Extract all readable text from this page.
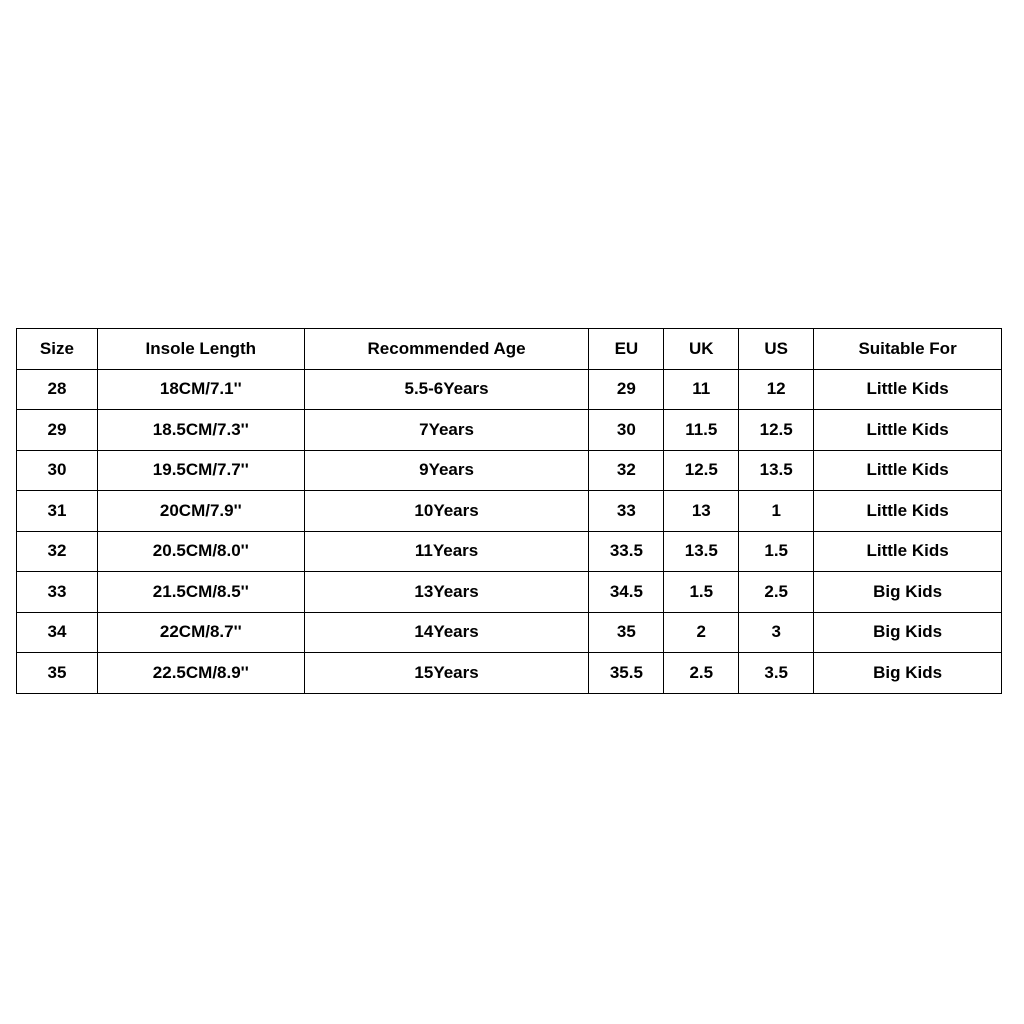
Size	Insole Length	Recommended Age	EU	UK	US	Suitable For
28	18CM/7.1''	5.5-6Years	29	11	12	Little Kids
29	18.5CM/7.3''	7Years	30	11.5	12.5	Little Kids
30	19.5CM/7.7''	9Years	32	12.5	13.5	Little Kids
31	20CM/7.9''	10Years	33	13	1	Little Kids
32	20.5CM/8.0''	11Years	33.5	13.5	1.5	Little Kids
33	21.5CM/8.5''	13Years	34.5	1.5	2.5	Big Kids
34	22CM/8.7''	14Years	35	2	3	Big Kids
35	22.5CM/8.9''	15Years	35.5	2.5	3.5	Big Kids
